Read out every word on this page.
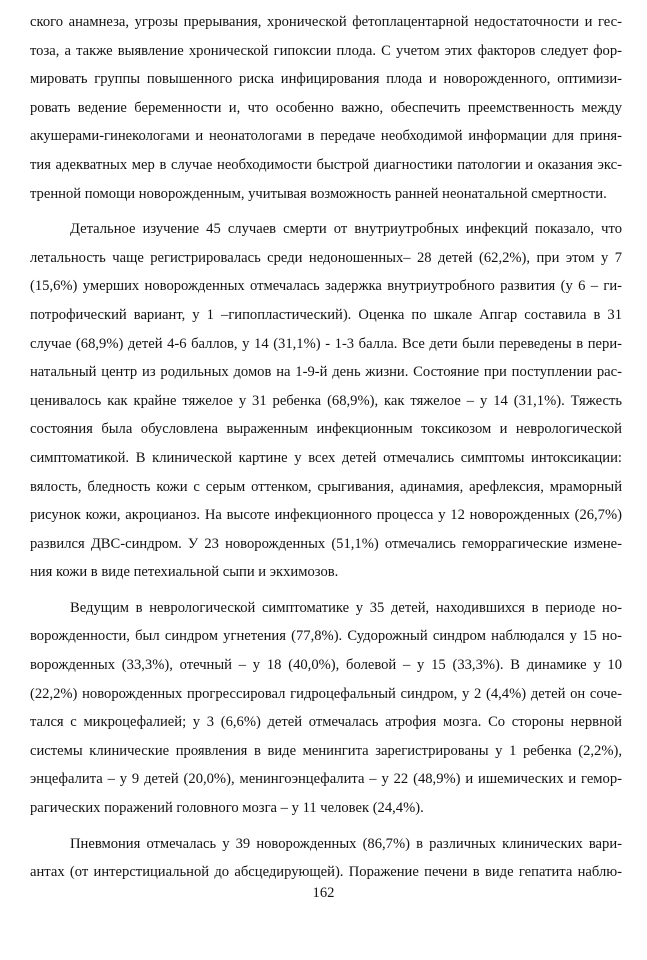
ского анамнеза, угрозы прерывания, хронической фетоплацентарной недостаточности и гес-
тоза, а также выявление хронической гипоксии плода. С учетом этих факторов следует фор-
мировать группы повышенного риска инфицирования плода и новорожденного, оптимизи-
ровать ведение беременности и, что особенно важно, обеспечить преемственность между
акушерами-гинекологами и неонатологами в передаче необходимой информации для приня-
тия адекватных мер в случае необходимости быстрой диагностики патологии и оказания экс-
тренной помощи новорожденным, учитывая возможность ранней неонатальной смертности.
Детальное изучение 45 случаев смерти от внутриутробных инфекций показало, что
летальность чаще регистрировалась среди недоношенных– 28 детей (62,2%), при этом у 7
(15,6%) умерших новорожденных отмечалась задержка внутриутробного развития (у 6 – ги-
потрофический вариант, у 1 –гипопластический). Оценка по шкале Апгар составила в 31
случае (68,9%) детей 4-6 баллов, у 14 (31,1%) - 1-3 балла. Все дети были переведены в пери-
натальный центр из родильных домов на 1-9-й день жизни. Состояние при поступлении рас-
ценивалось как крайне тяжелое у 31 ребенка (68,9%), как тяжелое – у 14 (31,1%). Тяжесть
состояния была обусловлена выраженным инфекционным токсикозом и неврологической
симптоматикой. В клинической картине у всех детей отмечались симптомы интоксикации:
вялость, бледность кожи с серым оттенком, срыгивания, адинамия, арефлексия, мраморный
рисунок кожи, акроцианоз. На высоте инфекционного процесса у 12 новорожденных (26,7%)
развился ДВС-синдром. У 23 новорожденных (51,1%) отмечались геморрагические измене-
ния кожи в виде петехиальной сыпи и экхимозов.
Ведущим в неврологической симптоматике у 35 детей, находившихся в периоде но-
ворожденности, был синдром угнетения (77,8%). Судорожный синдром наблюдался у 15 но-
ворожденных (33,3%), отечный – у 18 (40,0%), болевой – у 15 (33,3%). В динамике у 10
(22,2%) новорожденных прогрессировал гидроцефальный синдром, у 2 (4,4%) детей он соче-
тался с микроцефалией; у 3 (6,6%) детей отмечалась атрофия мозга. Со стороны нервной
системы клинические проявления в виде менингита зарегистрированы у 1 ребенка (2,2%),
энцефалита – у 9 детей (20,0%), менингоэнцефалита – у 22 (48,9%) и ишемических и гемор-
рагических поражений головного мозга – у 11 человек (24,4%).
Пневмония отмечалась у 39 новорожденных (86,7%) в различных клинических вари-
антах (от интерстициальной до абсцедирующей). Поражение печени в виде гепатита наблю-
162
